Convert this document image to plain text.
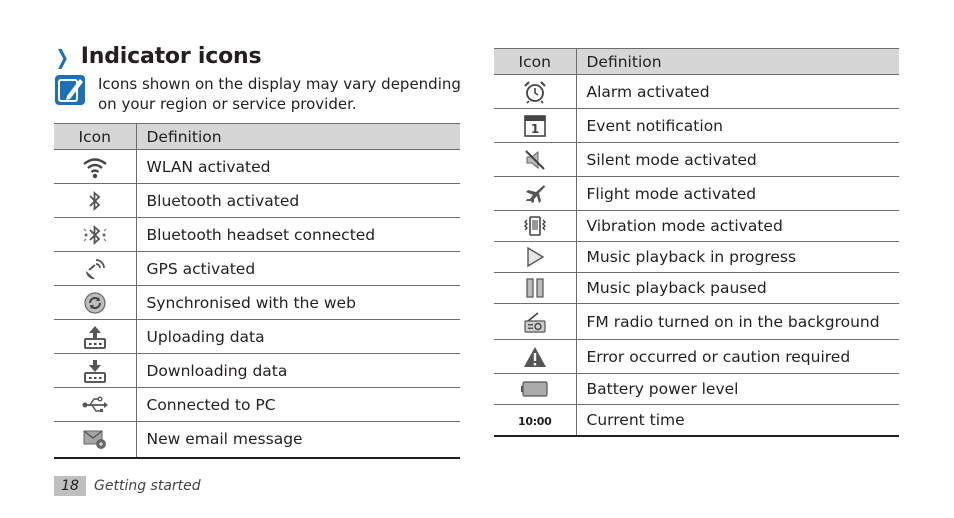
❯ Indicator icons
Icons shown on the display may vary depending on your region or service provider.
Icon	Definition

	WLAN activated

	Bluetooth activated

	Bluetooth headset connected

	GPS activated

	Synchronised with the web

	Uploading data

	Downloading data

	Connected to PC

	New email message
Icon	Definition

	Alarm activated

1	Event notification

	Silent mode activated

	Flight mode activated

	Vibration mode activated

	Music playback in progress

	Music playback paused

	FM radio turned on in the background

	Error occurred or caution required

	Battery power level
10:00	Current time
18	Getting started
